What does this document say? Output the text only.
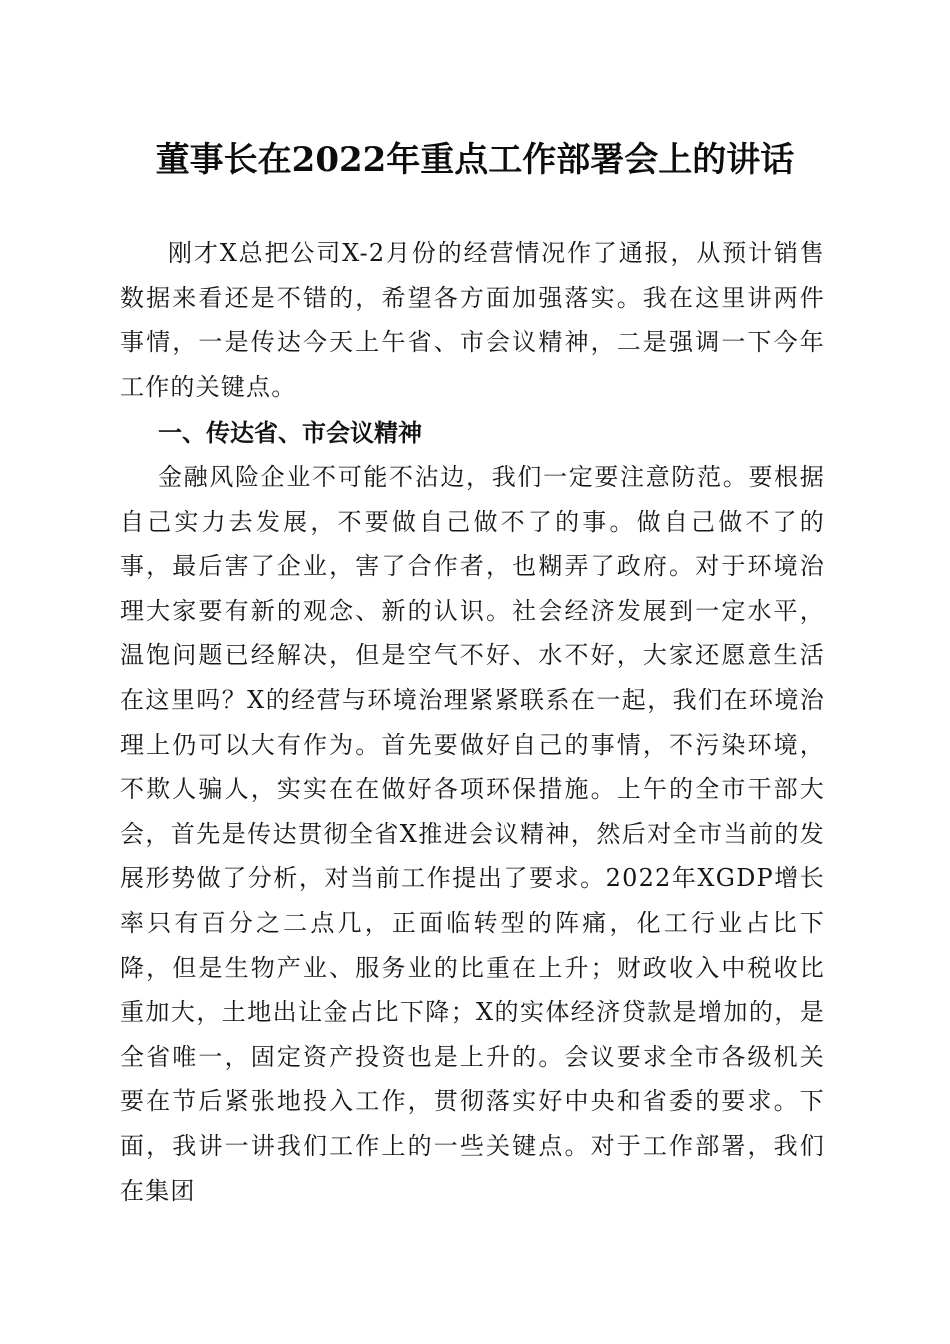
董事长在2022年重点工作部署会上的讲话

刚才X总把公司X-2月份的经营情况作了通报，从预计销售数据来看还是不错的，希望各方面加强落实。我在这里讲两件事情，一是传达今天上午省、市会议精神，二是强调一下今年工作的关键点。

一、传达省、市会议精神

金融风险企业不可能不沾边，我们一定要注意防范。要根据自己实力去发展，不要做自己做不了的事。做自己做不了的事，最后害了企业，害了合作者，也糊弄了政府。对于环境治理大家要有新的观念、新的认识。社会经济发展到一定水平，温饱问题已经解决，但是空气不好、水不好，大家还愿意生活在这里吗？X的经营与环境治理紧紧联系在一起，我们在环境治理上仍可以大有作为。首先要做好自己的事情，不污染环境，不欺人骗人，实实在在做好各项环保措施。上午的全市干部大会，首先是传达贯彻全省X推进会议精神，然后对全市当前的发展形势做了分析，对当前工作提出了要求。2022年XGDP增长率只有百分之二点几，正面临转型的阵痛，化工行业占比下降，但是生物产业、服务业的比重在上升；财政收入中税收比重加大，土地出让金占比下降；X的实体经济贷款是增加的，是全省唯一，固定资产投资也是上升的。会议要求全市各级机关要在节后紧张地投入工作，贯彻落实好中央和省委的要求。下面，我讲一讲我们工作上的一些关键点。对于工作部署，我们在集团
